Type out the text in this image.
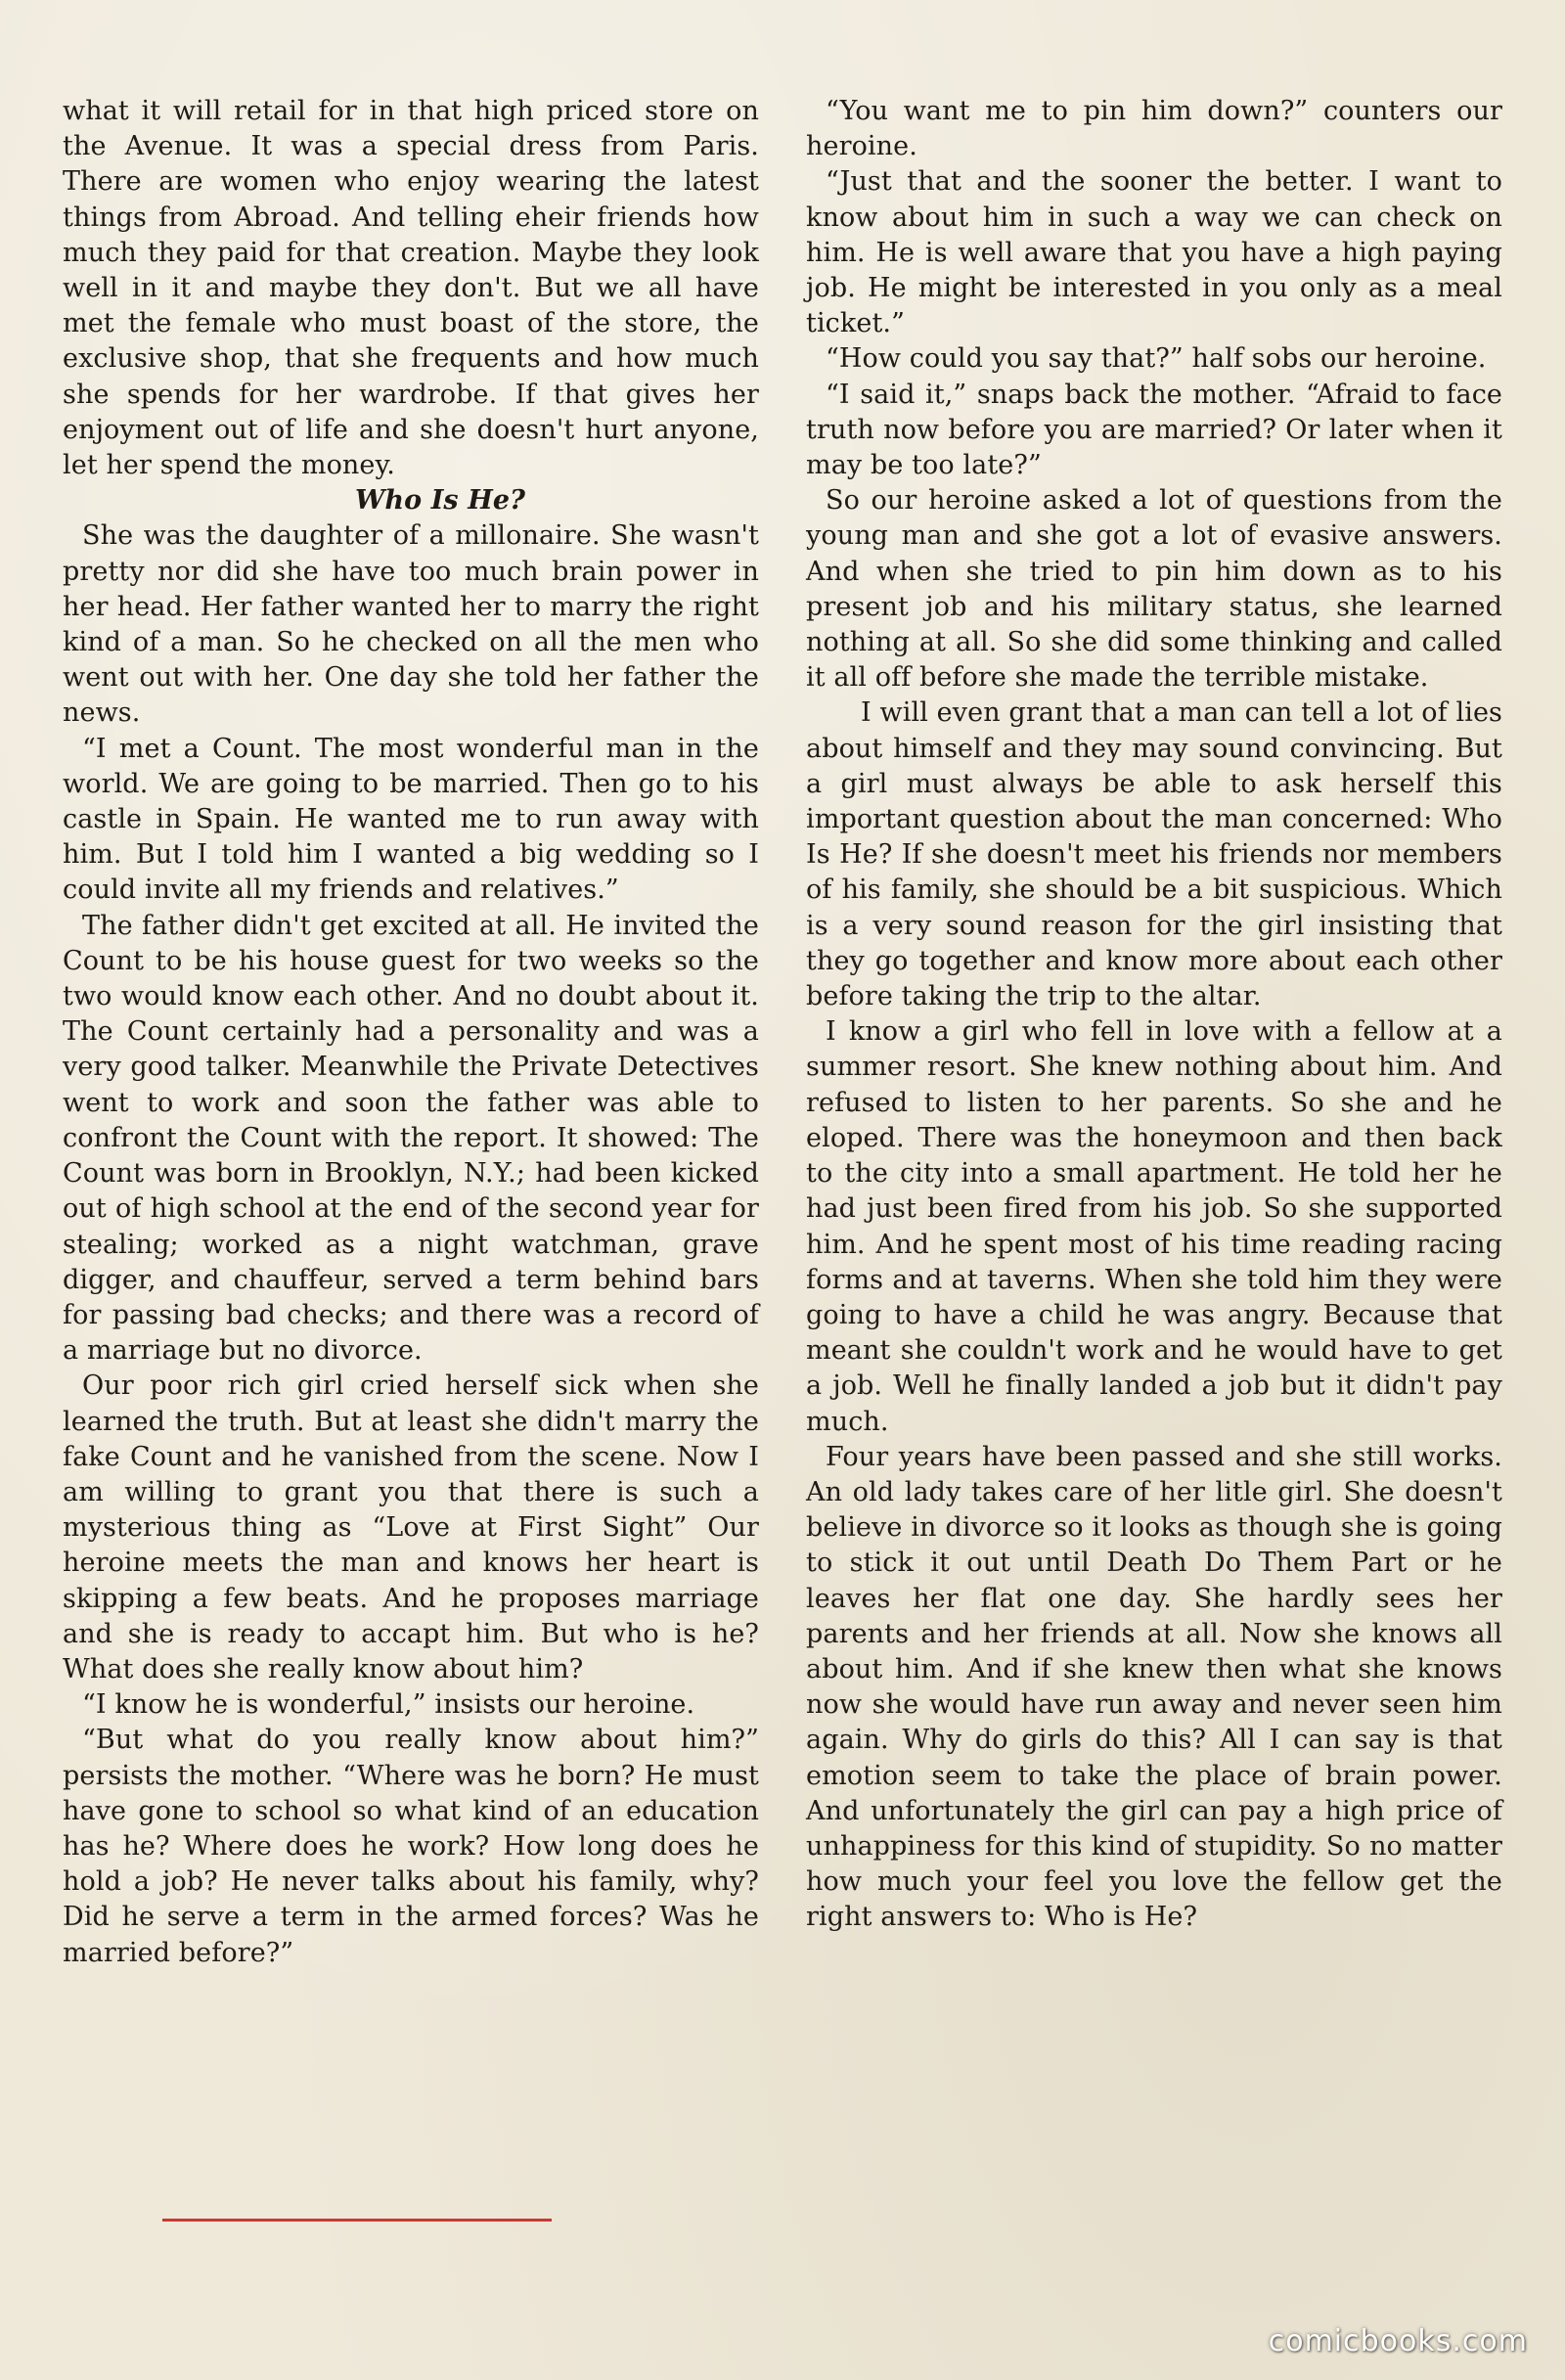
what it will retail for in that high priced store on the Avenue. It was a special dress from Paris. There are women who enjoy wearing the latest things from Abroad. And telling eheir friends how much they paid for that creation. Maybe they look well in it and maybe they don't. But we all have met the female who must boast of the store, the exclusive shop, that she frequents and how much she spends for her wardrobe. If that gives her enjoyment out of life and she doesn't hurt anyone, let her spend the money.

Who Is He?

She was the daughter of a millonaire. She wasn't pretty nor did she have too much brain power in her head. Her father wanted her to marry the right kind of a man. So he checked on all the men who went out with her. One day she told her father the news.

“I met a Count. The most wonderful man in the world. We are going to be married. Then go to his castle in Spain. He wanted me to run away with him. But I told him I wanted a big wedding so I could invite all my friends and relatives.”

The father didn't get excited at all. He invited the Count to be his house guest for two weeks so the two would know each other. And no doubt about it. The Count certainly had a personality and was a very good talker. Meanwhile the Private Detectives went to work and soon the father was able to confront the Count with the report. It showed: The Count was born in Brooklyn, N.Y.; had been kicked out of high school at the end of the second year for stealing; worked as a night watchman, grave digger, and chauffeur, served a term behind bars for passing bad checks; and there was a record of a marriage but no divorce.

Our poor rich girl cried herself sick when she learned the truth. But at least she didn't marry the fake Count and he vanished from the scene. Now I am willing to grant you that there is such a mysterious thing as “Love at First Sight” Our heroine meets the man and knows her heart is skipping a few beats. And he proposes marriage and she is ready to accapt him. But who is he? What does she really know about him?

“I know he is wonderful,” insists our heroine.

“But what do you really know about him?” persists the mother. “Where was he born? He must have gone to school so what kind of an education has he? Where does he work? How long does he hold a job? He never talks about his family, why? Did he serve a term in the armed forces? Was he married before?”

“You want me to pin him down?” counters our heroine.

“Just that and the sooner the better. I want to know about him in such a way we can check on him. He is well aware that you have a high paying job. He might be interested in you only as a meal ticket.”

“How could you say that?” half sobs our heroine.

“I said it,” snaps back the mother. “Afraid to face truth now before you are married? Or later when it may be too late?”

So our heroine asked a lot of questions from the young man and she got a lot of evasive answers. And when she tried to pin him down as to his present job and his military status, she learned nothing at all. So she did some thinking and called it all off before she made the terrible mistake.

I will even grant that a man can tell a lot of lies about himself and they may sound convincing. But a girl must always be able to ask herself this important question about the man concerned: Who Is He? If she doesn't meet his friends nor members of his family, she should be a bit suspicious. Which is a very sound reason for the girl insisting that they go together and know more about each other before taking the trip to the altar.

I know a girl who fell in love with a fellow at a summer resort. She knew nothing about him. And refused to listen to her parents. So she and he eloped. There was the honeymoon and then back to the city into a small apartment. He told her he had just been fired from his job. So she supported him. And he spent most of his time reading racing forms and at taverns. When she told him they were going to have a child he was angry. Because that meant she couldn't work and he would have to get a job. Well he finally landed a job but it didn't pay much.

Four years have been passed and she still works. An old lady takes care of her litle girl. She doesn't believe in divorce so it looks as though she is going to stick it out until Death Do Them Part or he leaves her flat one day. She hardly sees her parents and her friends at all. Now she knows all about him. And if she knew then what she knows now she would have run away and never seen him again. Why do girls do this? All I can say is that emotion seem to take the place of brain power. And unfortunately the girl can pay a high price of unhappiness for this kind of stupidity. So no matter how much your feel you love the fellow get the right answers to: Who is He?

comicbooks.com
